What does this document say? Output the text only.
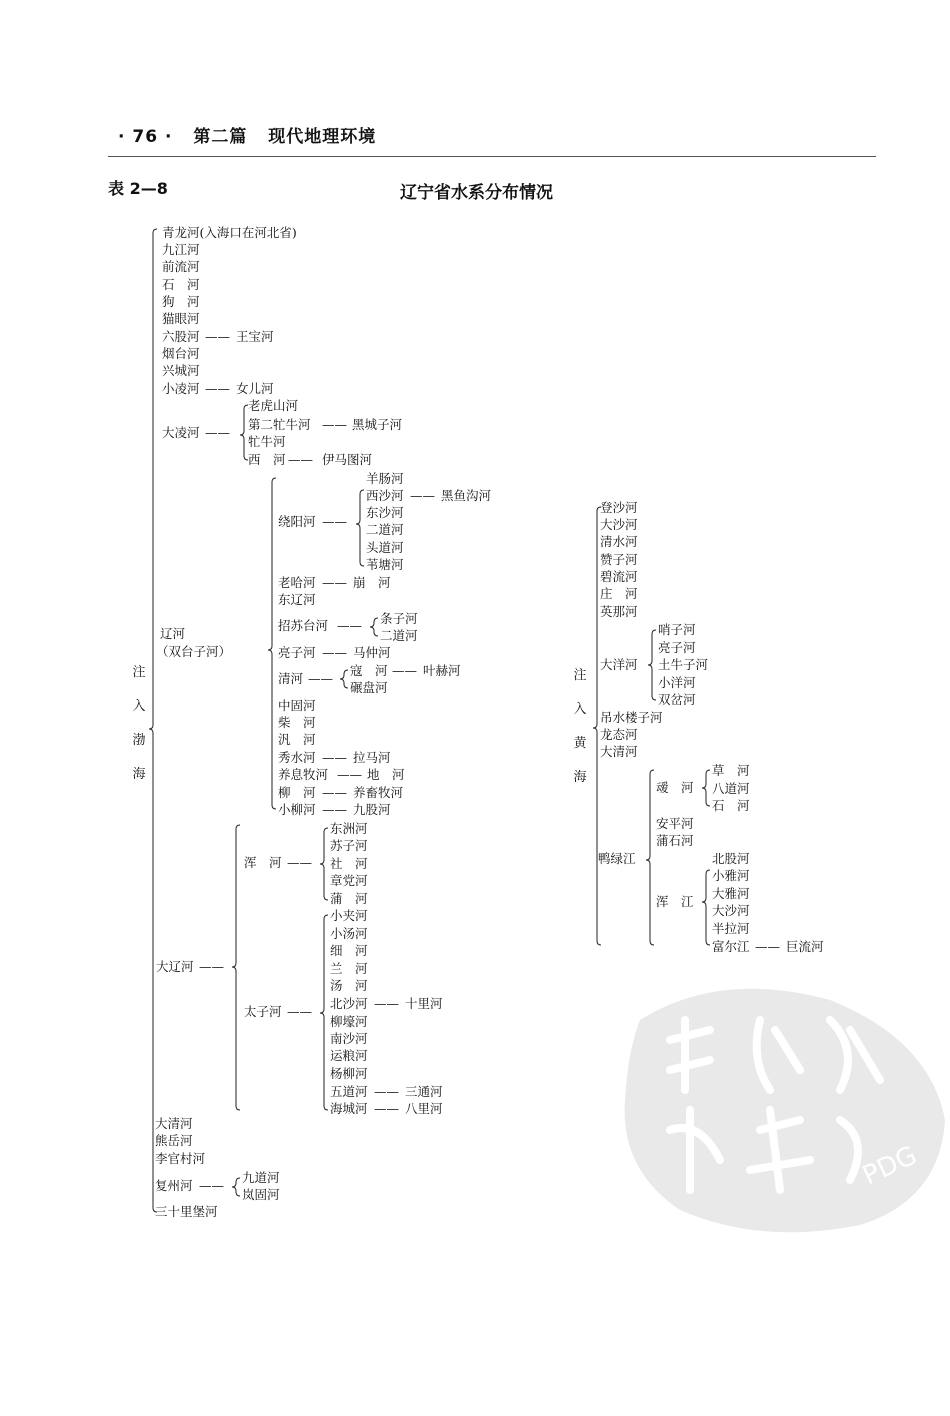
· 76 · 第二篇 现代地理环境
表 2—8	辽宁省水系分布情况
青龙河(入海口在河北省)
九江河
前流河
石　河
狗　河
猫眼河
六股河 —— 王宝河
烟台河
兴城河
小凌河 —— 女儿河
大凌河 ——
老虎山河
第二牤牛河 —— 黑城子河
牤牛河
西　河 —— 伊马图河
辽河
（双台子河）
羊肠河
西沙河 —— 黑鱼沟河
东沙河
二道河
头道河
苇塘河
绕阳河 ——
老哈河 —— 崩　河
东辽河
招苏台河 ——	条子河
二道河
亮子河 —— 马仲河
清河 ——
寇　河 —— 叶赫河
碾盘河
中固河
柴　河
汎　河
秀水河 —— 拉马河
养息牧河 —— 地　河
柳　河 —— 养畜牧河
小柳河 —— 九股河
大辽河 ——
浑　河 ——
东洲河
苏子河
社　河
章党河
蒲　河
太子河 ——
小夹河
小汤河
细　河
兰　河
汤　河
北沙河
柳壕河
南沙河
运粮河
杨柳河
五道河
海城河
—— 十里河
—— 三通河
—— 八里河
大清河
熊岳河
李官村河
复州河 ——
九道河
岚固河
三十里堡河
注
入
渤
海
登沙河
大沙河
清水河
赞子河
碧流河
庄　河
英那河
大洋河
哨子河
亮子河
土牛子河
小洋河
双岔河
吊水楼子河
龙态河
大清河
鸭绿江
叆　河
草　河
八道河
石　河
安平河
蒲石河
浑　江
北股河
小雅河
大雅河
大沙河
半拉河
富尔江 —— 巨流河
注
入
黄
海
PDG
